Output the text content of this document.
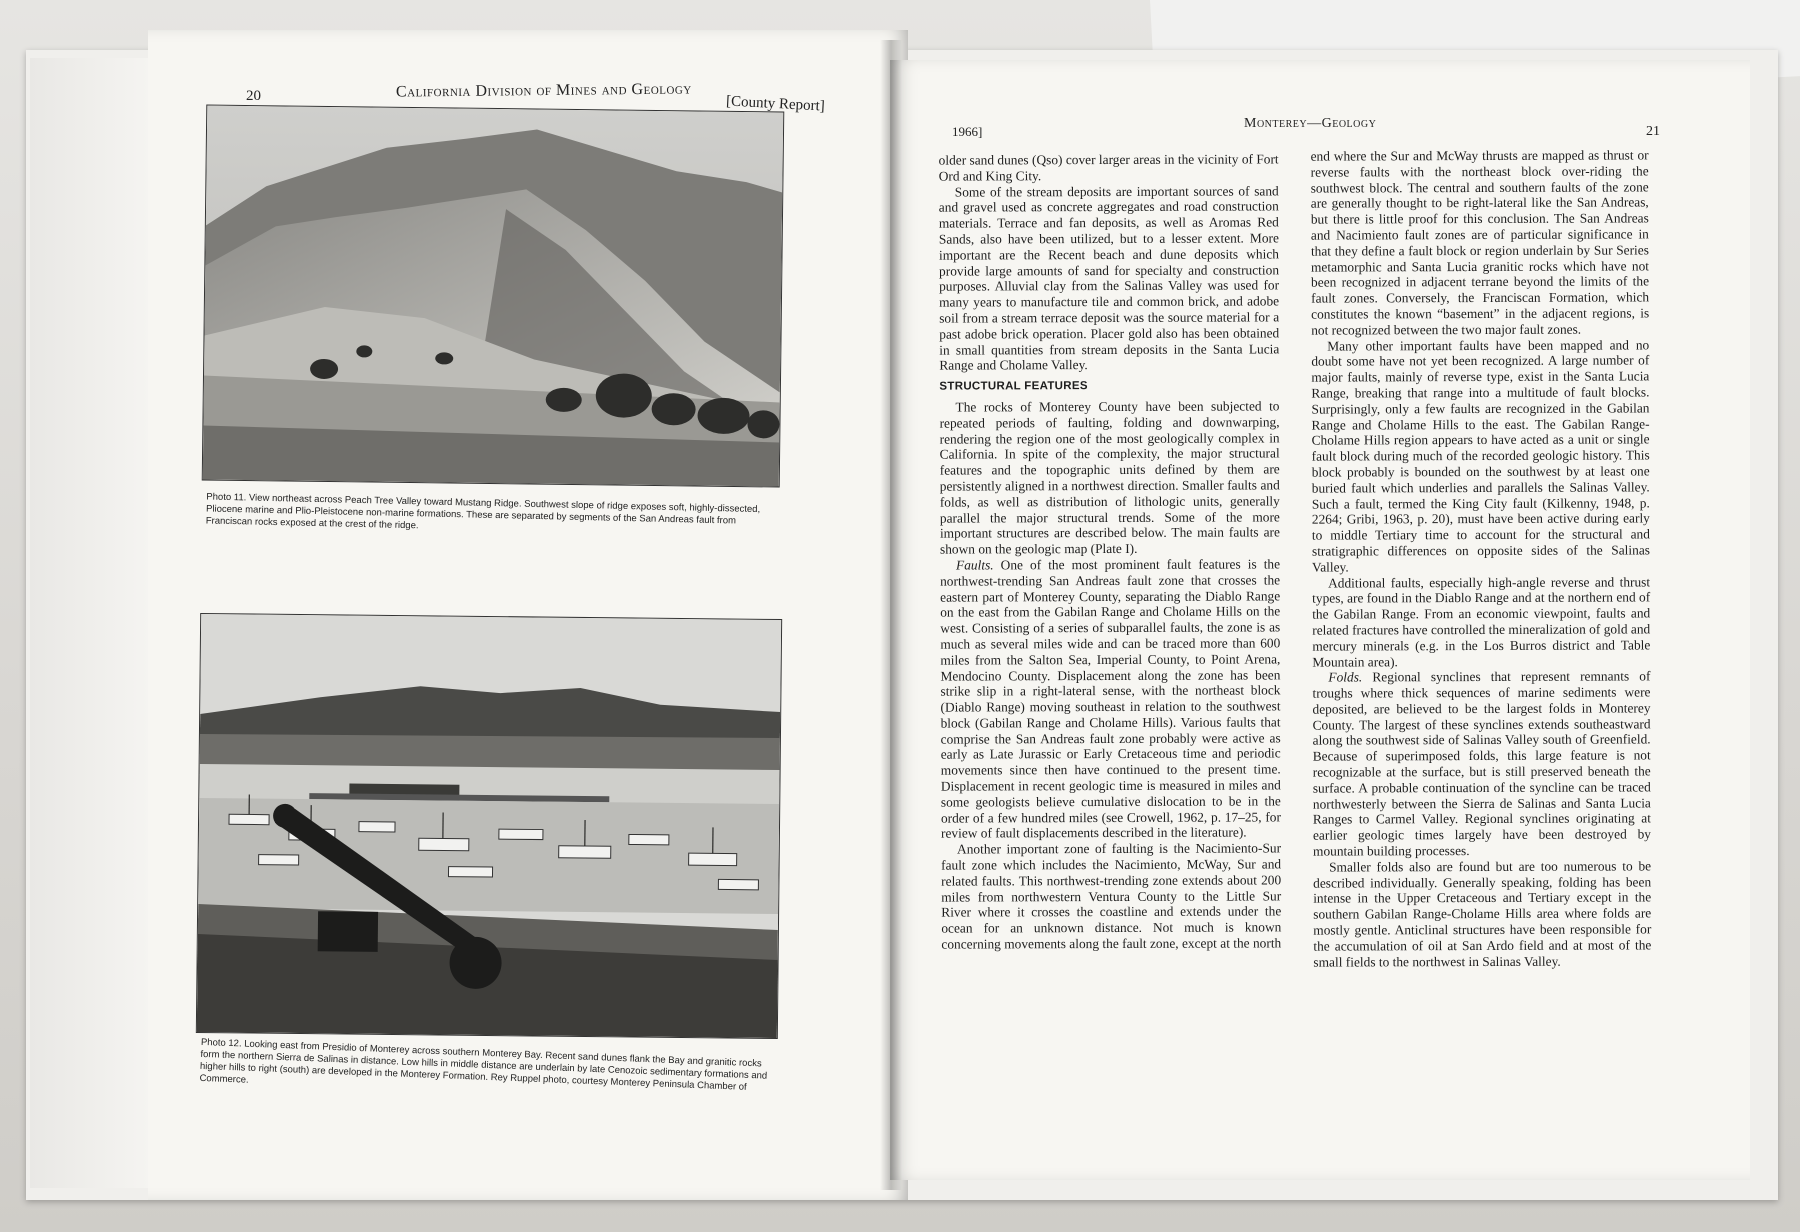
20	California Division of Mines and Geology
[County Report]
Photo 11. View northeast across Peach Tree Valley toward Mustang Ridge. Southwest slope of ridge exposes soft, highly-dissected, Pliocene marine and Plio-Pleistocene non-marine formations. These are separated by segments of the San Andreas fault from Franciscan rocks exposed at the crest of the ridge.
Photo 12. Looking east from Presidio of Monterey across southern Monterey Bay. Recent sand dunes flank the Bay and granitic rocks form the northern Sierra de Salinas in distance. Low hills in middle distance are underlain by late Cenozoic sedimentary formations and higher hills to right (south) are developed in the Monterey Formation. Rey Ruppel photo, courtesy Monterey Peninsula Chamber of Commerce.
1966]
Monterey—Geology
21

older sand dunes (Qso) cover larger areas in the vicinity of Fort Ord and King City.

Some of the stream deposits are important sources of sand and gravel used as concrete aggregates and road construction materials. Terrace and fan deposits, as well as Aromas Red Sands, also have been utilized, but to a lesser extent. More important are the Recent beach and dune deposits which provide large amounts of sand for specialty and construction purposes. Alluvial clay from the Salinas Valley was used for many years to manufacture tile and common brick, and adobe soil from a stream terrace deposit was the source material for a past adobe brick operation. Placer gold also has been obtained in small quantities from stream deposits in the Santa Lucia Range and Cholame Valley.

STRUCTURAL FEATURES

The rocks of Monterey County have been subjected to repeated periods of faulting, folding and downwarping, rendering the region one of the most geologically complex in California. In spite of the complexity, the major structural features and the topographic units defined by them are persistently aligned in a northwest direction. Smaller faults and folds, as well as distribution of lithologic units, generally parallel the major structural trends. Some of the more important structures are described below. The main faults are shown on the geologic map (Plate I).

Faults. One of the most prominent fault features is the northwest-trending San Andreas fault zone that crosses the eastern part of Monterey County, separating the Diablo Range on the east from the Gabilan Range and Cholame Hills on the west. Consisting of a series of subparallel faults, the zone is as much as several miles wide and can be traced more than 600 miles from the Salton Sea, Imperial County, to Point Arena, Mendocino County. Displacement along the zone has been strike slip in a right-lateral sense, with the northeast block (Diablo Range) moving southeast in relation to the southwest block (Gabilan Range and Cholame Hills). Various faults that comprise the San Andreas fault zone probably were active as early as Late Jurassic or Early Cretaceous time and periodic movements since then have continued to the present time. Displacement in recent geologic time is measured in miles and some geologists believe cumulative dislocation to be in the order of a few hundred miles (see Crowell, 1962, p. 17–25, for review of fault displacements described in the literature).

Another important zone of faulting is the Nacimiento-Sur fault zone which includes the Nacimiento, McWay, Sur and related faults. This northwest-trending zone extends about 200 miles from northwestern Ventura County to the Little Sur River where it crosses the coastline and extends under the ocean for an unknown distance. Not much is known concerning movements along the fault zone, except at the north

end where the Sur and McWay thrusts are mapped as thrust or reverse faults with the northeast block over-riding the southwest block. The central and southern faults of the zone are generally thought to be right-lateral like the San Andreas, but there is little proof for this conclusion. The San Andreas and Nacimiento fault zones are of particular significance in that they define a fault block or region underlain by Sur Series metamorphic and Santa Lucia granitic rocks which have not been recognized in adjacent terrane beyond the limits of the fault zones. Conversely, the Franciscan Formation, which constitutes the known “basement” in the adjacent regions, is not recognized between the two major fault zones.

Many other important faults have been mapped and no doubt some have not yet been recognized. A large number of major faults, mainly of reverse type, exist in the Santa Lucia Range, breaking that range into a multitude of fault blocks. Surprisingly, only a few faults are recognized in the Gabilan Range and Cholame Hills to the east. The Gabilan Range-Cholame Hills region appears to have acted as a unit or single fault block during much of the recorded geologic history. This block probably is bounded on the southwest by at least one buried fault which underlies and parallels the Salinas Valley. Such a fault, termed the King City fault (Kilkenny, 1948, p. 2264; Gribi, 1963, p. 20), must have been active during early to middle Tertiary time to account for the structural and stratigraphic differences on opposite sides of the Salinas Valley.

Additional faults, especially high-angle reverse and thrust types, are found in the Diablo Range and at the northern end of the Gabilan Range. From an economic viewpoint, faults and related fractures have controlled the mineralization of gold and mercury minerals (e.g. in the Los Burros district and Table Mountain area).

Folds. Regional synclines that represent remnants of troughs where thick sequences of marine sediments were deposited, are believed to be the largest folds in Monterey County. The largest of these synclines extends southeastward along the southwest side of Salinas Valley south of Greenfield. Because of superimposed folds, this large feature is not recognizable at the surface, but is still preserved beneath the surface. A probable continuation of the syncline can be traced northwesterly between the Sierra de Salinas and Santa Lucia Ranges to Carmel Valley. Regional synclines originating at earlier geologic times largely have been destroyed by mountain building processes.

Smaller folds also are found but are too numerous to be described individually. Generally speaking, folding has been intense in the Upper Cretaceous and Tertiary except in the southern Gabilan Range-Cholame Hills area where folds are mostly gentle. Anticlinal structures have been responsible for the accumulation of oil at San Ardo field and at most of the small fields to the northwest in Salinas Valley.
